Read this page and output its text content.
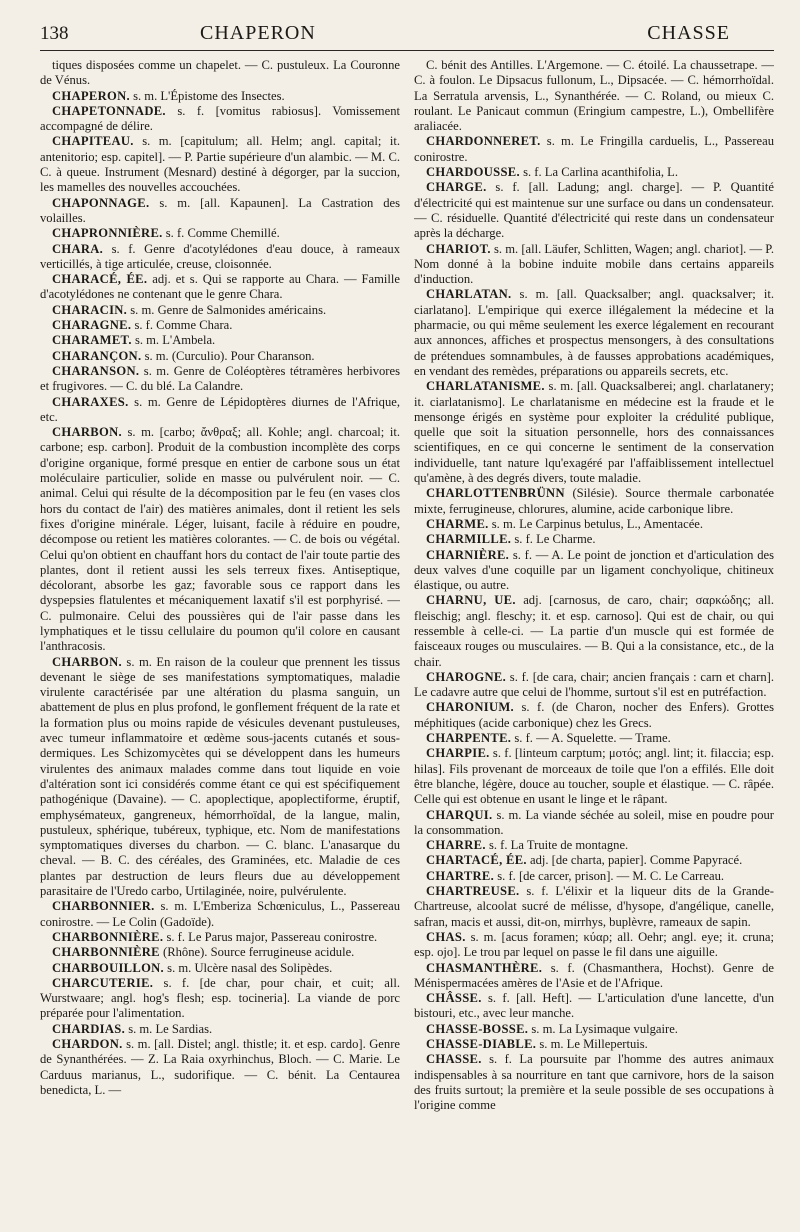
138	CHAPERON	CHASSE

tiques disposées comme un chapelet. — C. pustuleux. La Couronne de Vénus.

CHAPERON. s. m. L'Épistome des Insectes.

CHAPETONNADE. s. f. [vomitus rabiosus]. Vomissement accompagné de délire.

CHAPITEAU. s. m. [capitulum; all. Helm; angl. capital; it. antenitorio; esp. capitel]. — P. Partie supérieure d'un alambic. — M. C. C. à queue. Instrument (Mesnard) destiné à dégorger, par la succion, les mamelles des nouvelles accouchées.

CHAPONNAGE. s. m. [all. Kapaunen]. La Castration des volailles.

CHAPRONNIÈRE. s. f. Comme Chemillé.

CHARA. s. f. Genre d'acotylédones d'eau douce, à rameaux verticillés, à tige articulée, creuse, cloisonnée.

CHARACÉ, ÉE. adj. et s. Qui se rapporte au Chara. — Famille d'acotylédones ne contenant que le genre Chara.

CHARACIN. s. m. Genre de Salmonides américains.

CHARAGNE. s. f. Comme Chara.

CHARAMET. s. m. L'Ambela.

CHARANÇON. s. m. (Curculio). Pour Charanson.

CHARANSON. s. m. Genre de Coléoptères tétramères herbivores et frugivores. — C. du blé. La Calandre.

CHARAXES. s. m. Genre de Lépidoptères diurnes de l'Afrique, etc.

CHARBON. s. m. [carbo; ἄνθραξ; all. Kohle; angl. charcoal; it. carbone; esp. carbon]. Produit de la combustion incomplète des corps d'origine organique, formé presque en entier de carbone sous un état moléculaire particulier, solide en masse ou pulvérulent noir. — C. animal. Celui qui résulte de la décomposition par le feu (en vases clos hors du contact de l'air) des matières animales, dont il retient les sels fixes d'origine minérale. Léger, luisant, facile à réduire en poudre, décompose ou retient les matières colorantes. — C. de bois ou végétal. Celui qu'on obtient en chauffant hors du contact de l'air toute partie des plantes, dont il retient aussi les sels terreux fixes. Antiseptique, décolorant, absorbe les gaz; favorable sous ce rapport dans les dyspepsies flatulentes et mécaniquement laxatif s'il est porphyrisé. — C. pulmonaire. Celui des poussières qui de l'air passe dans les lymphatiques et le tissu cellulaire du poumon qu'il colore en causant l'anthracosis.

CHARBON. s. m. En raison de la couleur que prennent les tissus devenant le siège de ses manifestations symptomatiques, maladie virulente caractérisée par une altération du plasma sanguin, un abattement de plus en plus profond, le gonflement fréquent de la rate et la formation plus ou moins rapide de vésicules devenant pustuleuses, avec tumeur inflammatoire et œdème sous-jacents cutanés et sous-dermiques. Les Schizomycètes qui se développent dans les humeurs virulentes des animaux malades comme dans tout liquide en voie d'altération sont ici considérés comme étant ce qui est spécifiquement pathogénique (Davaine). — C. apoplectique, apoplectiforme, éruptif, emphysémateux, gangreneux, hémorrhoïdal, de la langue, malin, pustuleux, sphérique, tubéreux, typhique, etc. Nom de manifestations symptomatiques diverses du charbon. — C. blanc. L'anasarque du cheval. — B. C. des céréales, des Graminées, etc. Maladie de ces plantes par destruction de leurs fleurs due au développement parasitaire de l'Uredo carbo, Urtilaginée, noire, pulvérulente.

CHARBONNIER. s. m. L'Emberiza Schœniculus, L., Passereau conirostre. — Le Colin (Gadoïde).

CHARBONNIÈRE. s. f. Le Parus major, Passereau conirostre.

CHARBONNIÈRE (Rhône). Source ferrugineuse acidule.

CHARBOUILLON. s. m. Ulcère nasal des Solipèdes.

CHARCUTERIE. s. f. [de char, pour chair, et cuit; all. Wurstwaare; angl. hog's flesh; esp. tocineria]. La viande de porc préparée pour l'alimentation.

CHARDIAS. s. m. Le Sardias.

CHARDON. s. m. [all. Distel; angl. thistle; it. et esp. cardo]. Genre de Synanthérées. — Z. La Raia oxyrhinchus, Bloch. — C. Marie. Le Carduus marianus, L., sudorifique. — C. bénit. La Centaurea benedicta, L. —

C. bénit des Antilles. L'Argemone. — C. étoilé. La chaussetrape. — C. à foulon. Le Dipsacus fullonum, L., Dipsacée. — C. hémorrhoïdal. La Serratula arvensis, L., Synanthérée. — C. Roland, ou mieux C. roulant. Le Panicaut commun (Eringium campestre, L.), Ombellifère araliacée.

CHARDONNERET. s. m. Le Fringilla carduelis, L., Passereau conirostre.

CHARDOUSSE. s. f. La Carlina acanthifolia, L.

CHARGE. s. f. [all. Ladung; angl. charge]. — P. Quantité d'électricité qui est maintenue sur une surface ou dans un condensateur. — C. résiduelle. Quantité d'électricité qui reste dans un condensateur après la décharge.

CHARIOT. s. m. [all. Läufer, Schlitten, Wagen; angl. chariot]. — P. Nom donné à la bobine induite mobile dans certains appareils d'induction.

CHARLATAN. s. m. [all. Quacksalber; angl. quacksalver; it. ciarlatano]. L'empirique qui exerce illégalement la médecine et la pharmacie, ou qui même seulement les exerce légalement en recourant aux annonces, affiches et prospectus mensongers, à des consultations de prétendues somnambules, à de fausses approbations académiques, en vendant des remèdes, préparations ou appareils secrets, etc.

CHARLATANISME. s. m. [all. Quacksalberei; angl. charlatanery; it. ciarlatanismo]. Le charlatanisme en médecine est la fraude et le mensonge érigés en système pour exploiter la crédulité publique, quelle que soit la situation personnelle, hors des connaissances scientifiques, en ce qui concerne le sentiment de la conservation individuelle, tant nature lqu'exagéré par l'affaiblissement intellectuel qu'amène, à des degrés divers, toute maladie.

CHARLOTTENBRÜNN (Silésie). Source thermale carbonatée mixte, ferrugineuse, chlorures, alumine, acide carbonique libre.

CHARME. s. m. Le Carpinus betulus, L., Amentacée.

CHARMILLE. s. f. Le Charme.

CHARNIÈRE. s. f. — A. Le point de jonction et d'articulation des deux valves d'une coquille par un ligament conchyolique, chitineux élastique, ou autre.

CHARNU, UE. adj. [carnosus, de caro, chair; σαρκώδης; all. fleischig; angl. fleschy; it. et esp. carnoso]. Qui est de chair, ou qui ressemble à celle-ci. — La partie d'un muscle qui est formée de faisceaux rouges ou musculaires. — B. Qui a la consistance, etc., de la chair.

CHAROGNE. s. f. [de cara, chair; ancien français : carn et charn]. Le cadavre autre que celui de l'homme, surtout s'il est en putréfaction.

CHARONIUM. s. f. (de Charon, nocher des Enfers). Grottes méphitiques (acide carbonique) chez les Grecs.

CHARPENTE. s. f. — A. Squelette. — Trame.

CHARPIE. s. f. [linteum carptum; μοτός; angl. lint; it. filaccia; esp. hilas]. Fils provenant de morceaux de toile que l'on a effilés. Elle doit être blanche, légère, douce au toucher, souple et élastique. — C. râpée. Celle qui est obtenue en usant le linge et le râpant.

CHARQUI. s. m. La viande séchée au soleil, mise en poudre pour la consommation.

CHARRE. s. f. La Truite de montagne.

CHARTACÉ, ÉE. adj. [de charta, papier]. Comme Papyracé.

CHARTRE. s. f. [de carcer, prison]. — M. C. Le Carreau.

CHARTREUSE. s. f. L'élixir et la liqueur dits de la Grande-Chartreuse, alcoolat sucré de mélisse, d'hysope, d'angélique, canelle, safran, macis et aussi, dit-on, mirrhys, buplèvre, rameaux de sapin.

CHAS. s. m. [acus foramen; κύαρ; all. Oehr; angl. eye; it. cruna; esp. ojo]. Le trou par lequel on passe le fil dans une aiguille.

CHASMANTHÈRE. s. f. (Chasmanthera, Hochst). Genre de Ménispermacées amères de l'Asie et de l'Afrique.

CHÂSSE. s. f. [all. Heft]. — L'articulation d'une lancette, d'un bistouri, etc., avec leur manche.

CHASSE-BOSSE. s. m. La Lysimaque vulgaire.

CHASSE-DIABLE. s. m. Le Millepertuis.

CHASSE. s. f. La poursuite par l'homme des autres animaux indispensables à sa nourriture en tant que carnivore, hors de la saison des fruits surtout; la première et la seule possible de ses occupations à l'origine comme
